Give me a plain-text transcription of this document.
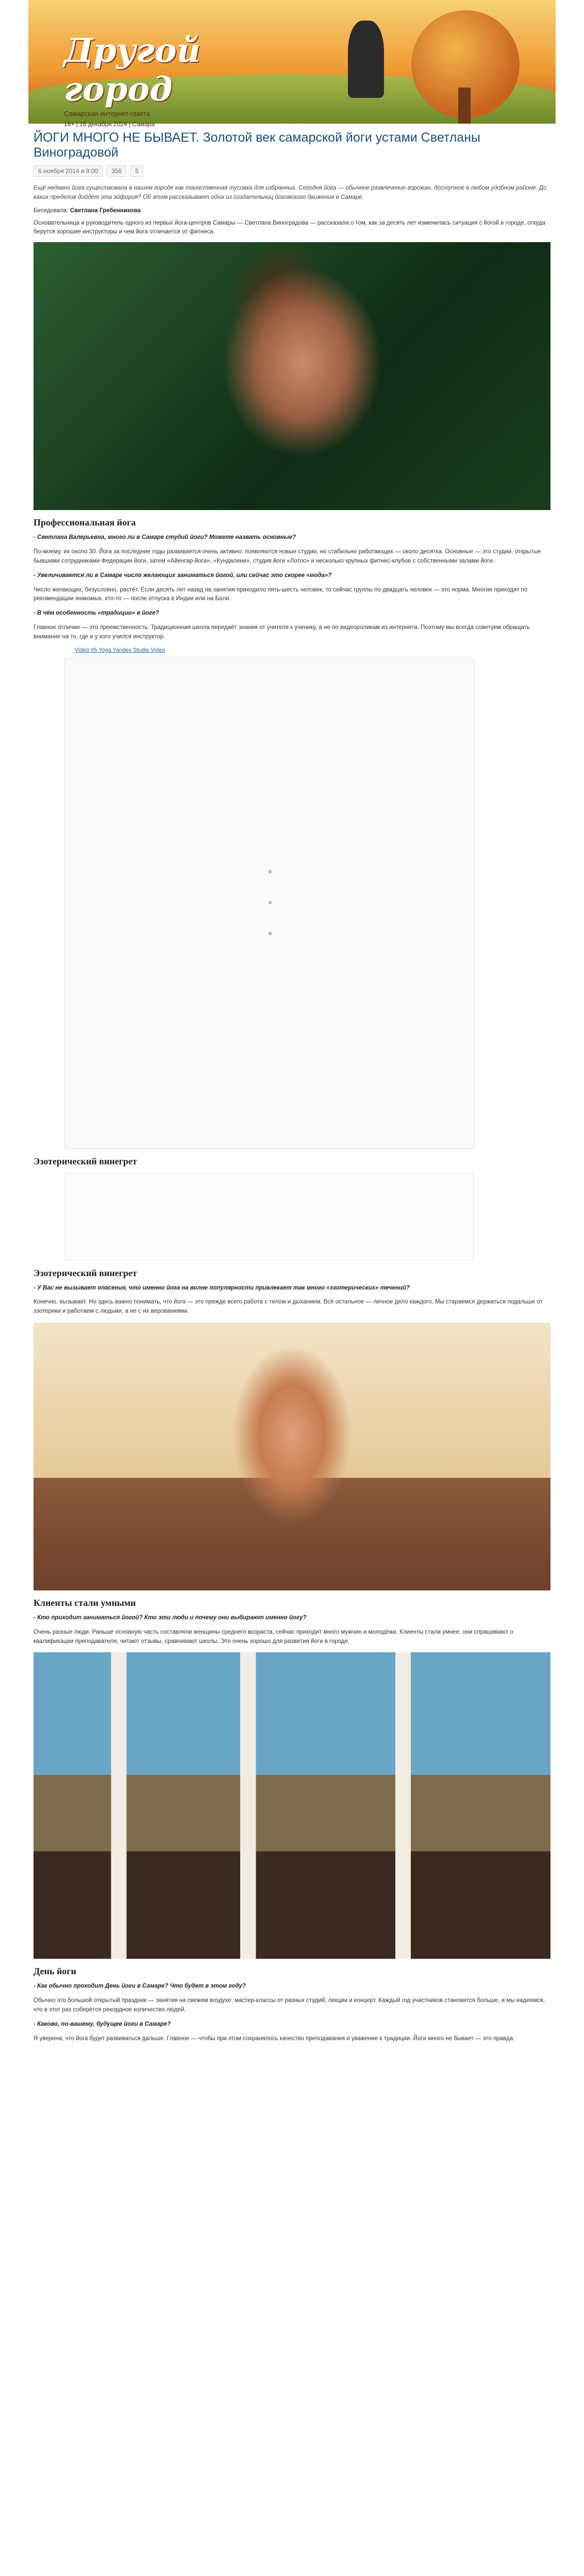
Другой город
Самарская интернет-газета
18+ | 16 декабря 2024 | Самара
ЙОГИ МНОГО НЕ БЫВАЕТ. Золотой век самарской йоги устами Светланы Виноградовой
6 ноября 2014 в 9:00	356	5

Ещё недавно йога существовала в нашем городе как таинственная тусовка для избранных. Сегодня йога — обычное развлечение горожан, доступное в любом удобном районе. До каких пределов дойдёт эта эйфория? Об этом рассказывает одна из создательниц йоговского движения в Самаре.

Беседовала: Светлана Гребенникова

Основательница и руководитель одного из первых йога-центров Самары — Светлана Виноградова — рассказала о том, как за десять лет изменилась ситуация с йогой в городе, откуда берутся хорошие инструкторы и чем йога отличается от фитнеса.

Профессиональная йога

- Светлана Валерьевна, много ли в Самаре студий йоги? Можете назвать основные?

По-моему, их около 30. Йога за последние годы развивается очень активно, появляются новые студии, но стабильно работающих — около десятка. Основные — это студии, открытые бывшими сотрудниками Федерации йоги, затем «Айенгар-йога», «Кундалини», студия йоги «Лотос» и несколько крупных фитнес-клубов с собственными залами йоги.

- Увеличивается ли в Самаре число желающих заниматься йогой, или сейчас это скорее «мода»?

Число желающих, безусловно, растёт. Если десять лет назад на занятия приходило пять-шесть человек, то сейчас группы по двадцать человек — это норма. Многие приходят по рекомендации знакомых, кто-то — после отпуска в Индии или на Бали.

- В чём особенность «традиции» в йоге?

Главное отличие — это преемственность. Традиционная школа передаёт знания от учителя к ученику, а не по видеороликам из интернета. Поэтому мы всегда советуем обращать внимание на то, где и у кого учился инструктор.

Video #5 Yoga Yandex Studio Video
Эзотерический винегрет
Эзотерический винегрет

- У Вас не вызывает опасения, что именно йога на волне популярности привлекает так много «эзотерических» течений?

Конечно, вызывает. Но здесь важно понимать, что йога — это прежде всего работа с телом и дыханием. Всё остальное — личное дело каждого. Мы стараемся держаться подальше от эзотерики и работаем с людьми, а не с их верованиями.

Клиенты стали умными

- Кто приходит заниматься йогой? Кто эти люди и почему они выбирают именно йогу?

Очень разные люди. Раньше основную часть составляли женщины среднего возраста, сейчас приходит много мужчин и молодёжи. Клиенты стали умнее: они спрашивают о квалификации преподавателя, читают отзывы, сравнивают школы. Это очень хорошо для развития йоги в городе.

День йоги

- Как обычно проходит День йоги в Самаре? Что будет в этом году?

Обычно это большой открытый праздник — занятия на свежем воздухе, мастер-классы от разных студий, лекции и концерт. Каждый год участников становится больше, и мы надеемся, что в этот раз соберётся рекордное количество людей.

- Каково, по-вашему, будущее йоги в Самаре?

Я уверена, что йога будет развиваться дальше. Главное — чтобы при этом сохранялось качество преподавания и уважение к традиции. Йоги много не бывает — это правда.
